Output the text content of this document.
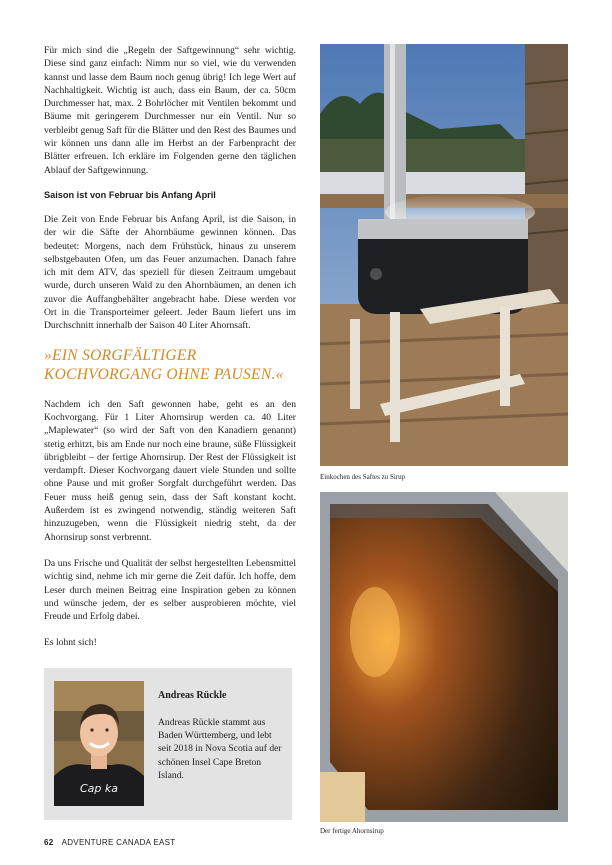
Für mich sind die „Regeln der Saftgewinnung“ sehr wichtig. Diese sind ganz einfach: Nimm nur so viel, wie du verwenden kannst und lasse dem Baum noch genug übrig! Ich lege Wert auf Nachhaltigkeit. Wichtig ist auch, dass ein Baum, der ca. 50cm Durchmesser hat, max. 2 Bohrlöcher mit Ventilen bekommt und Bäume mit geringerem Durchmesser nur ein Ventil. Nur so verbleibt genug Saft für die Blätter und den Rest des Baumes und wir können uns dann alle im Herbst an der Farbenpracht der Blätter erfreuen. Ich erkläre im Folgenden gerne den täglichen Ablauf der Saftgewinnung.

Saison ist von Februar bis Anfang April

Die Zeit von Ende Februar bis Anfang April, ist die Saison, in der wir die Säfte der Ahornbäume gewinnen können. Das bedeutet: Morgens, nach dem Frühstück, hinaus zu unserem selbstgebauten Ofen, um das Feuer anzumachen. Danach fahre ich mit dem ATV, das speziell für diesen Zeitraum umgebaut wurde, durch unseren Wald zu den Ahornbäumen, an denen ich zuvor die Auffangbehälter angebracht habe. Diese werden vor Ort in die Transporteimer geleert. Jeder Baum liefert uns im Durchschnitt innerhalb der Saison 40 Liter Ahornsaft.

»EIN SORGFÄLTIGER KOCHVORGANG OHNE PAUSEN.«

Nachdem ich den Saft gewonnen habe, geht es an den Kochvorgang. Für 1 Liter Ahornsirup werden ca. 40 Liter „Maplewater“ (so wird der Saft von den Kanadiern genannt) stetig erhitzt, bis am Ende nur noch eine braune, süße Flüssigkeit übrigbleibt – der fertige Ahornsirup. Der Rest der Flüssigkeit ist verdampft. Dieser Kochvorgang dauert viele Stunden und sollte ohne Pause und mit großer Sorgfalt durchgeführt werden. Das Feuer muss heiß genug sein, dass der Saft konstant kocht. Außerdem ist es zwingend notwendig, ständig weiteren Saft hinzuzugeben, wenn die Flüssigkeit niedrig steht, da der Ahornsirup sonst verbrennt.

Da uns Frische und Qualität der selbst hergestellten Lebensmittel wichtig sind, nehme ich mir gerne die Zeit dafür. Ich hoffe, dem Leser durch meinen Beitrag eine Inspiration geben zu können und wünsche jedem, der es selber ausprobieren möchte, viel Freude und Erfolg dabei.

Es lohnt sich!

Cap ka
Andreas Rückle
Andreas Rückle stammt aus Baden Württemberg, und lebt seit 2018 in Nova Scotia auf der schönen Insel Cape Breton Island.
Einkochen des Saftes zu Sirup
Der fertige Ahornsirup
62 ADVENTURE CANADA EAST
